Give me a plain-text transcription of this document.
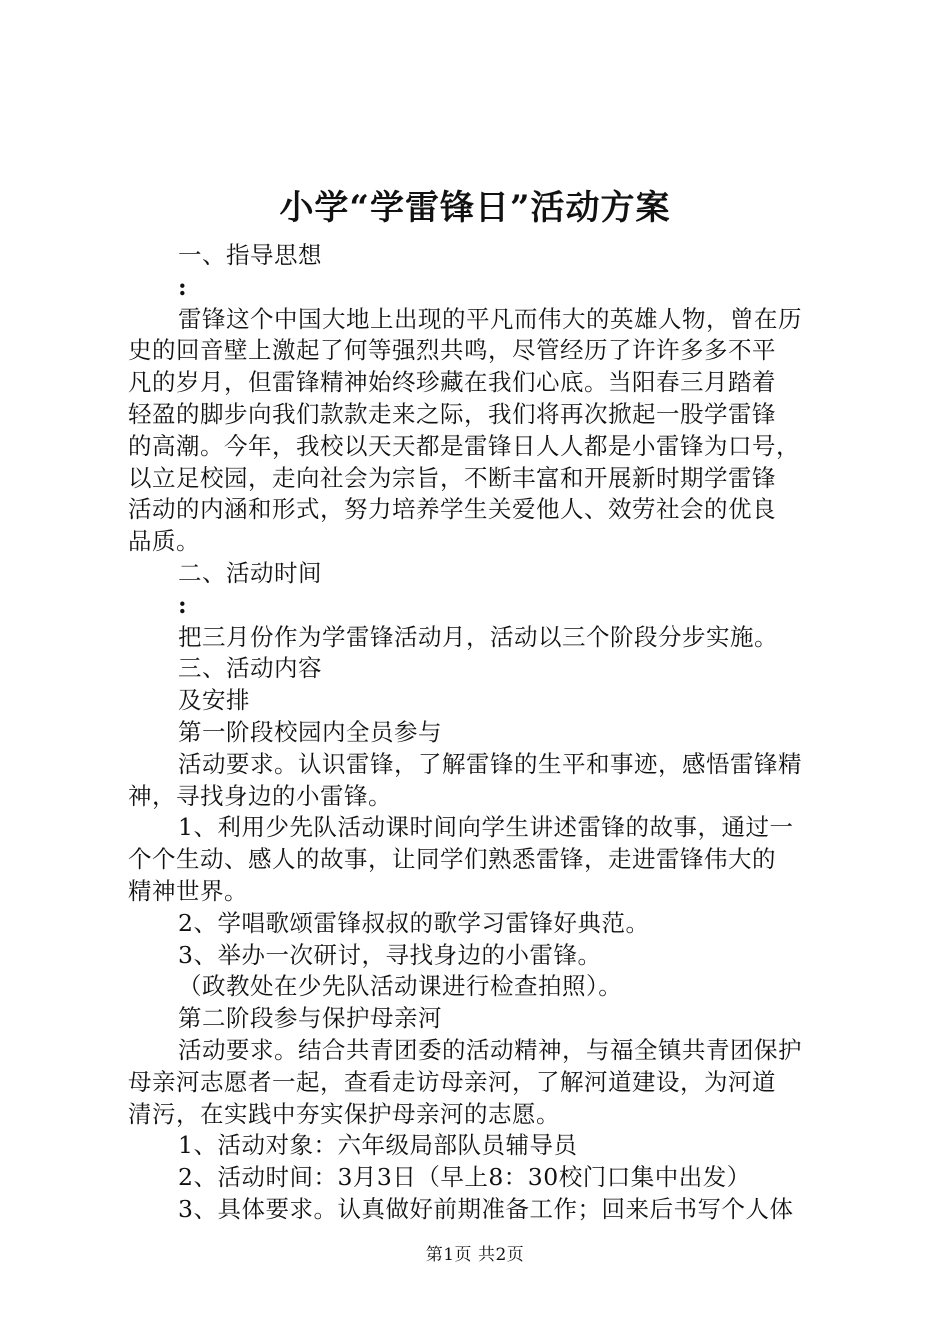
小学“学雷锋日”活动方案
一、指导思想
:
雷锋这个中国大地上出现的平凡而伟大的英雄人物，曾在历
史的回音壁上激起了何等强烈共鸣，尽管经历了许许多多不平
凡的岁月，但雷锋精神始终珍藏在我们心底。当阳春三月踏着
轻盈的脚步向我们款款走来之际，我们将再次掀起一股学雷锋
的高潮。今年，我校以天天都是雷锋日人人都是小雷锋为口号，
以立足校园，走向社会为宗旨，不断丰富和开展新时期学雷锋
活动的内涵和形式，努力培养学生关爱他人、效劳社会的优良
品质。
二、活动时间
:
把三月份作为学雷锋活动月，活动以三个阶段分步实施。
三、活动内容
及安排
第一阶段校园内全员参与
活动要求。认识雷锋，了解雷锋的生平和事迹，感悟雷锋精
神，寻找身边的小雷锋。
1、利用少先队活动课时间向学生讲述雷锋的故事，通过一
个个生动、感人的故事，让同学们熟悉雷锋，走进雷锋伟大的
精神世界。
2、学唱歌颂雷锋叔叔的歌学习雷锋好典范。
3、举办一次研讨，寻找身边的小雷锋。
（政教处在少先队活动课进行检查拍照）。
第二阶段参与保护母亲河
活动要求。结合共青团委的活动精神，与福全镇共青团保护
母亲河志愿者一起，查看走访母亲河，了解河道建设，为河道
清污，在实践中夯实保护母亲河的志愿。
1、活动对象：六年级局部队员辅导员
2、活动时间：3月3日（早上8：30校门口集中出发）
3、具体要求。认真做好前期准备工作；回来后书写个人体
第1页 共2页
